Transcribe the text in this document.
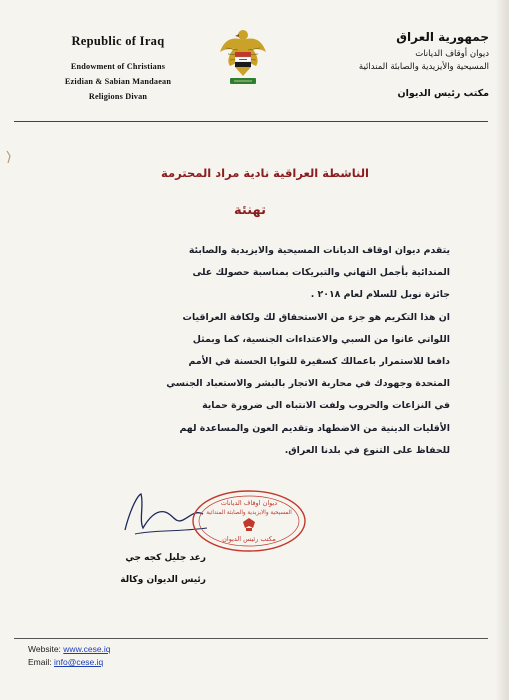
Republic of Iraq
Endowment of Christians
Ezidian & Sabian Mandaean
Religions Divan
جمهورية العراق
ديوان أوقاف الديانات
المسيحية والأيزيدية والصابئة المندائية
مكتب رئيس الديوان
الناشطة العراقية نادية مراد المحترمة
تهنئة

يتقدم ديوان اوقاف الديانات المسيحية والايزيدية والصابئة

المندائية بأجمل التهاني والتبريكات بمناسبة حصولك على

جائزة نوبل للسلام لعام ٢٠١٨ .

ان هذا التكريم هو جزء من الاستحقاق لك ولكافة العراقيات

اللواتي عانوا من السبي والاعتداءات الجنسية، كما وبمثل

دافعا للاستمرار باعمالك كسفيرة للنوايا الحسنة في الأمم

المتحدة وجهودك في محاربة الاتجار بالبشر والاستعباد الجنسي

في النزاعات والحروب ولفت الانتباه الى ضرورة حماية

الأقليات الدينية من الاضطهاد وتقديم العون والمساعدة لهم

للحفاظ على التنوع في بلدنا العراق.

ديوان اوقاف الديانات
المسيحية والايزيدية والصابئة المندائية
مكتب رئيس الديوان
رعد جليل كجه جي
رئيس الديوان وكالة
Website: www.cese.iq
Email: info@cese.iq
